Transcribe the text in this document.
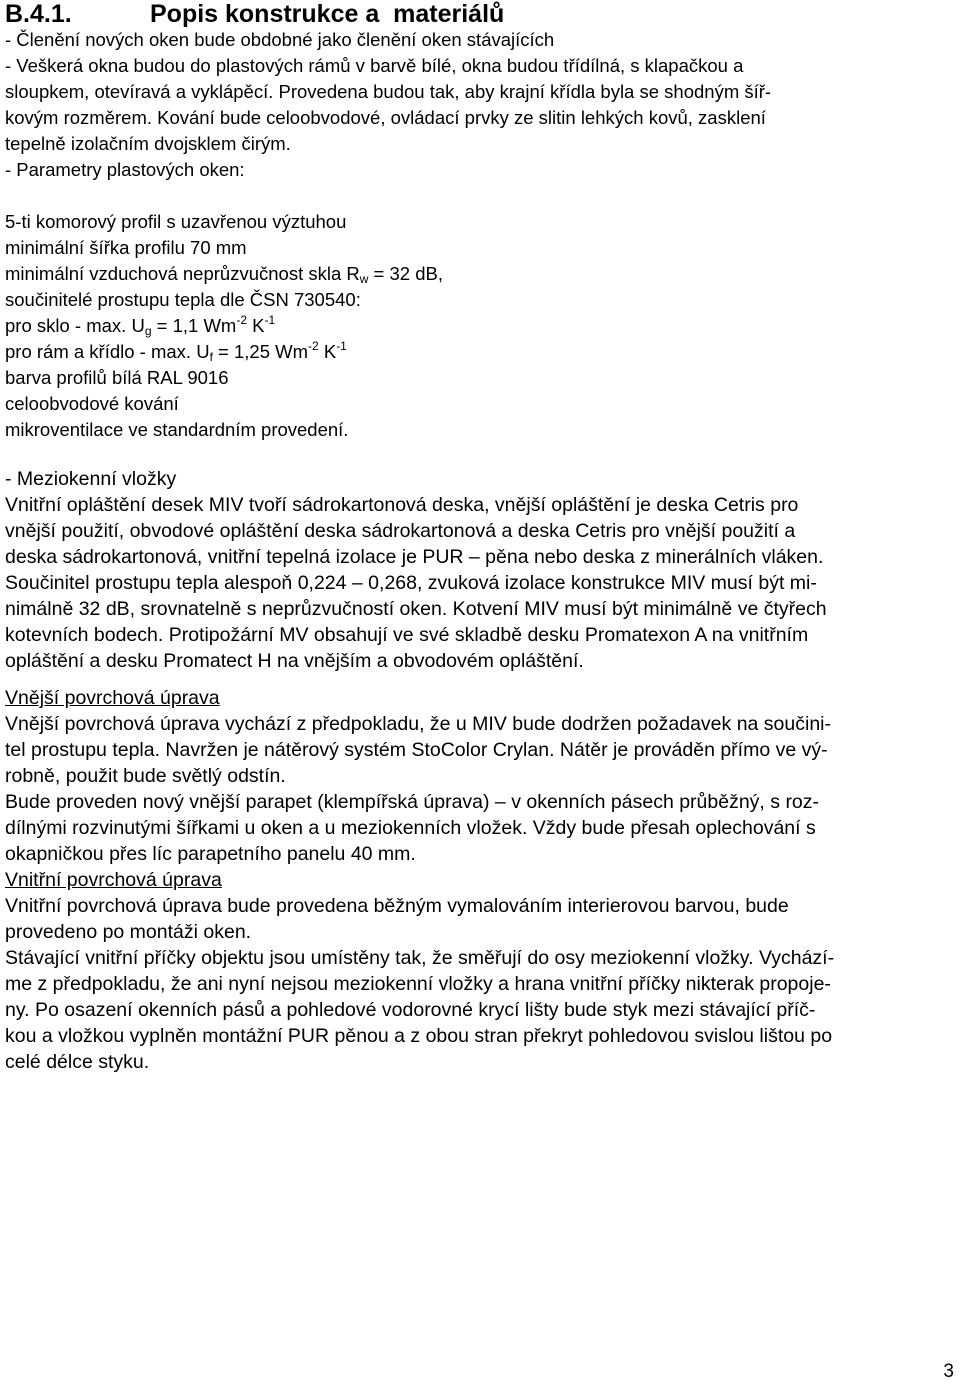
B.4.1.	Popis konstrukce a  materiálů
- Členění nových oken bude obdobné jako členění oken stávajících
- Veškerá okna budou do plastových rámů v barvě bílé, okna budou třídílná, s klapačkou a
sloupkem, otevíravá a vyklápěcí. Provedena budou tak, aby krajní křídla byla se shodným šíř-
kovým rozměrem. Kování bude celoobvodové, ovládací prvky ze slitin lehkých kovů, zasklení
tepelně izolačním dvojsklem čirým.
- Parametry plastových oken:
5-ti komorový profil s uzavřenou výztuhou
minimální šířka profilu 70 mm
minimální vzduchová neprůzvučnost skla $R_w = 32$ dB,
součinitelé prostupu tepla dle ČSN 730540:
pro sklo - max. $U_g = 1,1$ $Wm^{-2}$ $K^{-1}$
pro rám a křídlo - max. $U_f = 1,25$ $Wm^{-2}$ $K^{-1}$
barva profilů bílá RAL 9016
celoobvodové kování
mikroventilace ve standardním provedení.
- Meziokenní vložky
Vnitřní opláštění desek MIV tvoří sádrokartonová deska, vnější opláštění je deska Cetris pro
vnější použití, obvodové opláštění deska sádrokartonová a deska Cetris pro vnější použití a
deska sádrokartonová, vnitřní tepelná izolace je PUR – pěna nebo deska z minerálních vláken.
Součinitel prostupu tepla alespoň 0,224 – 0,268, zvuková izolace konstrukce MIV musí být mi-
nimálně 32 dB, srovnatelně s neprůzvučností oken. Kotvení MIV musí být minimálně ve čtyřech
kotevních bodech. Protipožární MV obsahují ve své skladbě desku Promatexon A na vnitřním
opláštění a desku Promatect H na vnějším a obvodovém opláštění.
Vnější povrchová úprava
Vnější povrchová úprava vychází z předpokladu, že u MIV bude dodržen požadavek na součini-
tel prostupu tepla. Navržen je nátěrový systém StoColor Crylan. Nátěr je prováděn přímo ve vý-
robně, použit bude světlý odstín.
Bude proveden nový vnější parapet (klempířská úprava) – v okenních pásech průběžný, s roz-
dílnými rozvinutými šířkami u oken a u meziokenních vložek. Vždy bude přesah oplechování s
okapničkou přes líc parapetního panelu 40 mm.
Vnitřní povrchová úprava
Vnitřní povrchová úprava bude provedena běžným vymalováním interierovou barvou, bude
provedeno po montáži oken.
Stávající vnitřní příčky objektu jsou umístěny tak, že směřují do osy meziokenní vložky. Vychází-
me z předpokladu, že ani nyní nejsou meziokenní vložky a hrana vnitřní příčky nikterak propoje-
ny. Po osazení okenních pásů a pohledové vodorovné krycí lišty bude styk mezi stávající příč-
kou a vložkou vyplněn montážní PUR pěnou a z obou stran překryt pohledovou svislou lištou po
celé délce styku.
3
